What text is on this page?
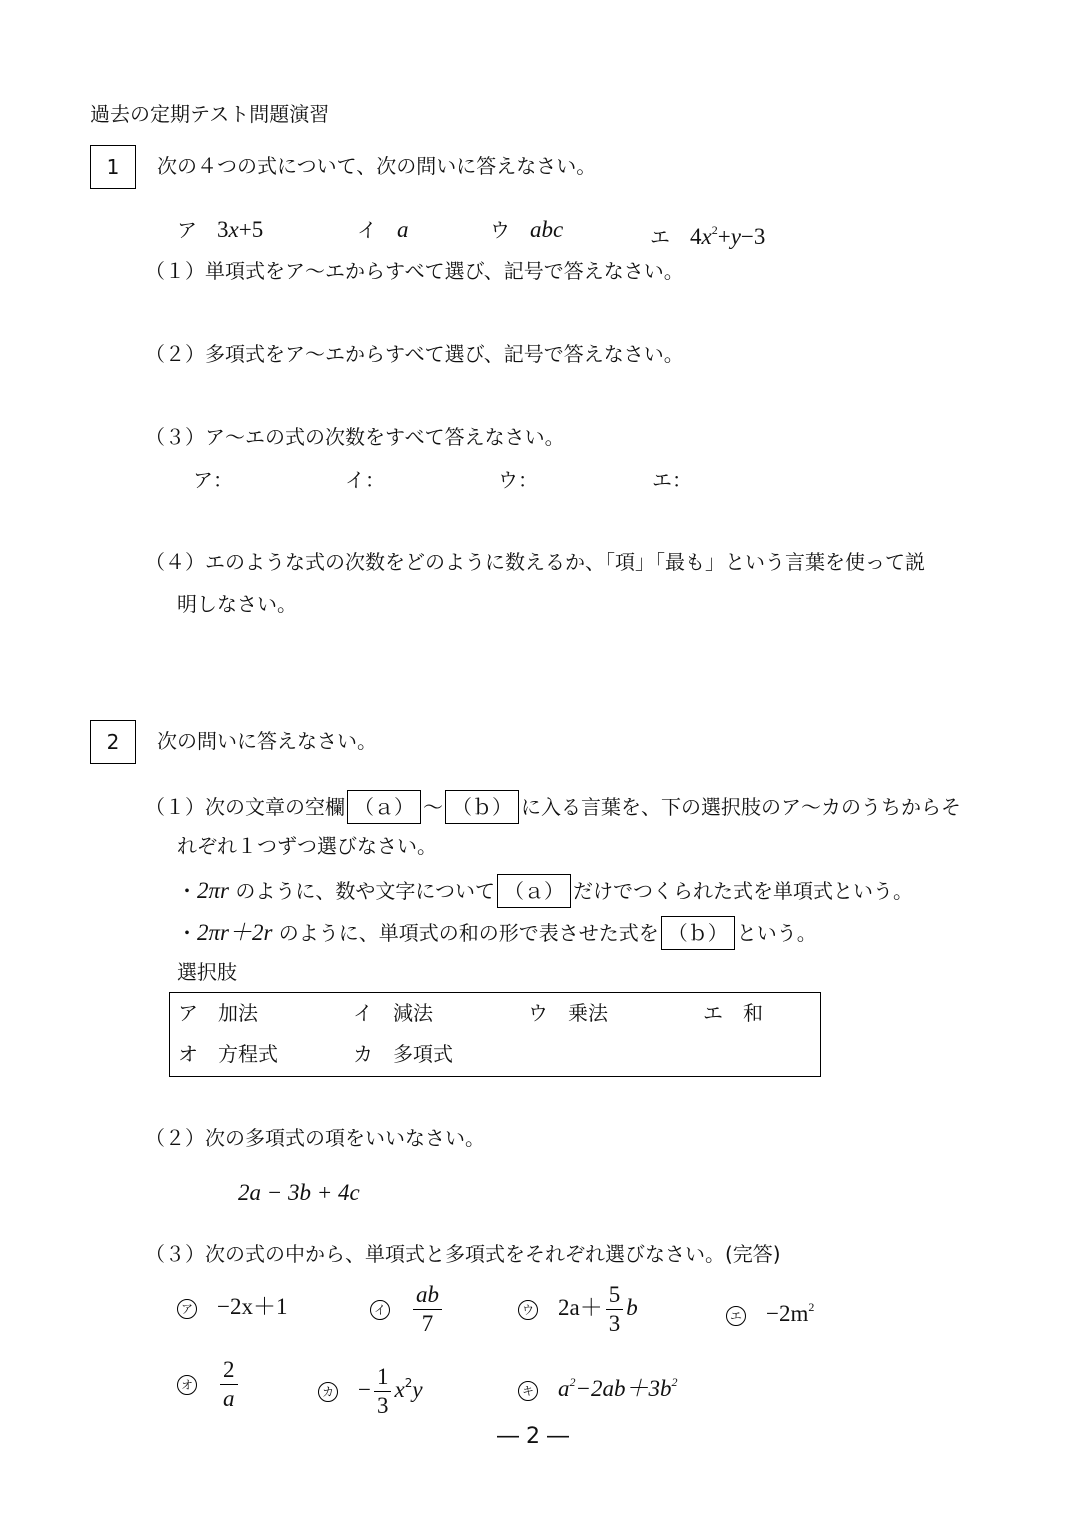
過去の定期テスト問題演習
1	次の４つの式について、次の問いに答えなさい。
ア　 3x+5	イ　 a	ウ　 abc	エ　 $4x^2+y-3$
（１）単項式をア～エからすべて選び、記号で答えなさい。
（２）多項式をア～エからすべて選び、記号で答えなさい。
（３）ア～エの式の次数をすべて答えなさい。
ア：	イ：	ウ：	エ：
（４）エのような式の次数をどのように数えるか、「項」「最も」という言葉を使って説
明しなさい。
2	次の問いに答えなさい。
（１）次の文章の空欄 （ａ） ～ （ｂ） に入る言葉を、下の選択肢のア～カのうちからそ
れぞれ１つずつ選びなさい。
・2πr のように、数や文字について （ａ） だけでつくられた式を単項式という。
・2πr＋2r のように、単項式の和の形で表させた式を （ｂ） という。
選択肢
ア　 加法	イ　 減法	ウ　 乗法	エ　 和
オ　 方程式	カ　 多項式
（２）次の多項式の項をいいなさい。
2a − 3b + 4c
（３）次の式の中から、単項式と多項式をそれぞれ選びなさい。(完答)
ア　 −2x＋1	イ　 $\frac{ab}{7}$	ウ　 $2a+ \frac{5}{3}$ b	エ　 $-2m^2$
オ　 $\frac{2}{a}$	カ　 − $\frac{1}{3} x^2y$	キ　 $a^2-2ab+3b^2$
― 2 ―
